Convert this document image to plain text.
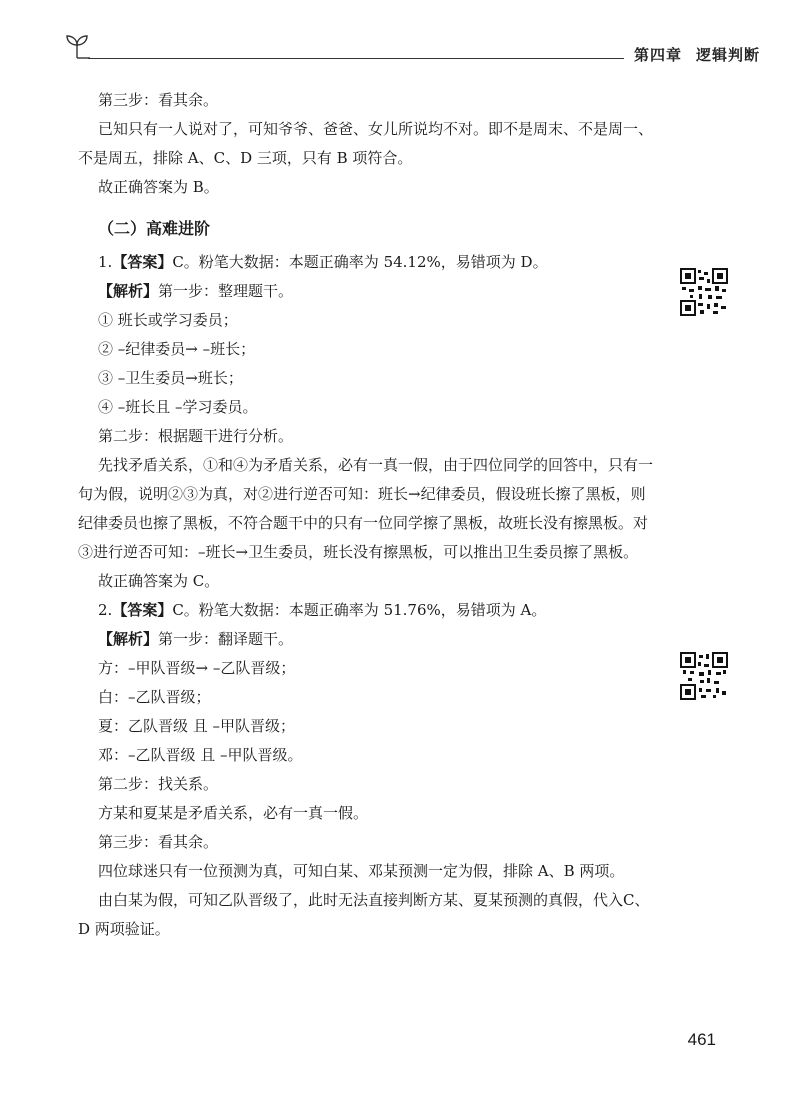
第四章 逻辑判断

第三步：看其余。

已知只有一人说对了，可知爷爷、爸爸、女儿所说均不对。即不是周末、不是周一、不是周五，排除 A、C、D 三项，只有 B 项符合。

故正确答案为 B。

（二）高难进阶

1.【答案】C。粉笔大数据：本题正确率为 54.12%，易错项为 D。

【解析】第一步：整理题干。

① 班长或学习委员；

② –纪律委员→ –班长；

③ –卫生委员→班长；

④ –班长且 –学习委员。

第二步：根据题干进行分析。

先找矛盾关系，①和④为矛盾关系，必有一真一假，由于四位同学的回答中，只有一句为假，说明②③为真，对②进行逆否可知：班长→纪律委员，假设班长擦了黑板，则纪律委员也擦了黑板，不符合题干中的只有一位同学擦了黑板，故班长没有擦黑板。对③进行逆否可知：–班长→卫生委员，班长没有擦黑板，可以推出卫生委员擦了黑板。

故正确答案为 C。

2.【答案】C。粉笔大数据：本题正确率为 51.76%，易错项为 A。

【解析】第一步：翻译题干。

方：–甲队晋级→ –乙队晋级；

白：–乙队晋级；

夏：乙队晋级 且 –甲队晋级；

邓：–乙队晋级 且 –甲队晋级。

第二步：找关系。

方某和夏某是矛盾关系，必有一真一假。

第三步：看其余。

四位球迷只有一位预测为真，可知白某、邓某预测一定为假，排除 A、B 两项。

由白某为假，可知乙队晋级了，此时无法直接判断方某、夏某预测的真假，代入C、D 两项验证。

461
